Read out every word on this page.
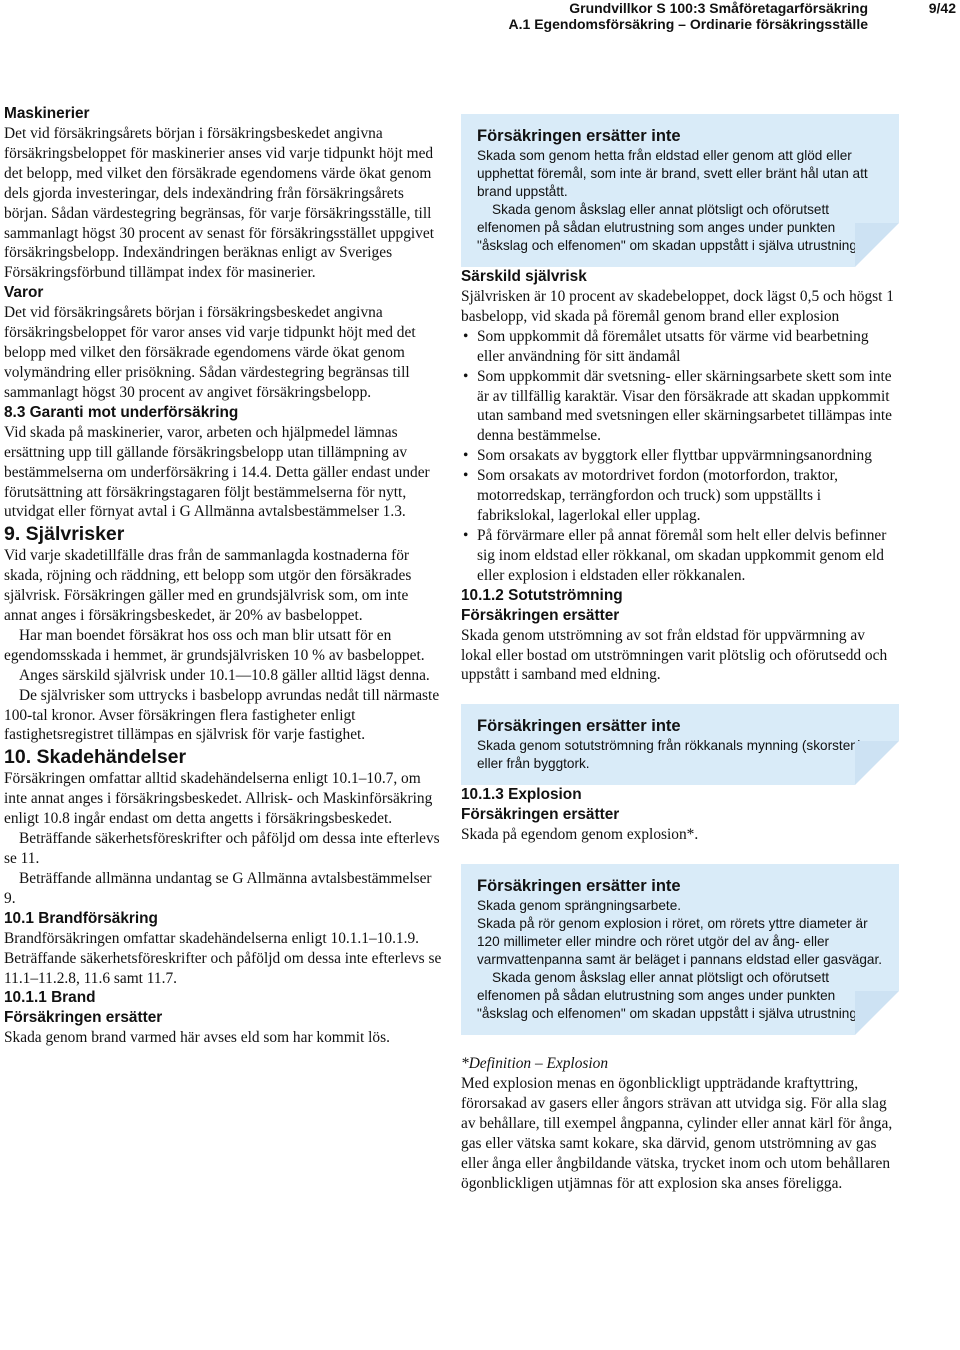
Grundvillkor S 100:3 Småföretagarförsäkring
A.1 Egendomsförsäkring – Ordinarie försäkringsställe
9/42
Maskinerier

Det vid försäkringsårets början i försäkringsbeskedet angivna försäkringsbeloppet för maskinerier anses vid varje tidpunkt höjt med det belopp, med vilket den försäkrade egendomens värde ökat genom dels gjorda investeringar, dels indexändring från försäkringsårets början. Sådan värdestegring begränsas, för varje försäkringsställe, till sammanlagt högst 30 procent av senast för försäkringsstället uppgivet försäkringsbelopp. Indexändringen beräknas enligt av Sveriges Försäkringsförbund tillämpat index för masinerier.

Varor

Det vid försäkringsårets början i försäkringsbeskedet angivna försäkringsbeloppet för varor anses vid varje tidpunkt höjt med det belopp med vilket den försäkrade egendomens värde ökat genom volymändring eller prisökning. Sådan värdestegring begränsas till sammanlagt högst 30 procent av angivet försäkringsbelopp.

8.3 Garanti mot underförsäkring

Vid skada på maskinerier, varor, arbeten och hjälpmedel lämnas ersättning upp till gällande försäkringsbelopp utan tillämpning av bestämmelserna om underförsäkring i 14.4. Detta gäller endast under förutsättning att försäkringstagaren följt bestämmelserna för nytt, utvidgat eller förnyat avtal i G Allmänna avtalsbestämmelser 1.3.

9. Självrisker

Vid varje skadetillfälle dras från de sammanlagda kostnaderna för skada, röjning och räddning, ett belopp som utgör den försäkrades självrisk. Försäkringen gäller med en grundsjälvrisk som, om inte annat anges i försäkringsbeskedet, är 20% av basbeloppet.

Har man boendet försäkrat hos oss och man blir utsatt för en egendomsskada i hemmet, är grundsjälvrisken 10 % av basbeloppet.

Anges särskild självrisk under 10.1—10.8 gäller alltid lägst denna.

De självrisker som uttrycks i basbelopp avrundas nedåt till närmaste 100-tal kronor. Avser försäkringen flera fastigheter enligt fastighetsregistret tillämpas en självrisk för varje fastighet.

10. Skadehändelser

Försäkringen omfattar alltid skadehändelserna enligt 10.1–10.7, om inte annat anges i försäkringsbeskedet. Allrisk- och Maskinförsäkring enligt 10.8 ingår endast om detta angetts i försäkringsbeskedet.

Beträffande säkerhetsföreskrifter och påföljd om dessa inte efterlevs se 11.

Beträffande allmänna undantag se G Allmänna avtalsbestämmelser 9.

10.1 Brandförsäkring

Brandförsäkringen omfattar skadehändelserna enligt 10.1.1–10.1.9. Beträffande säkerhetsföreskrifter och påföljd om dessa inte efterlevs se 11.1–11.2.8, 11.6 samt 11.7.

10.1.1 Brand
Försäkringen ersätter

Skada genom brand varmed här avses eld som har kommit lös.

Försäkringen ersätter inte

Skada som genom hetta från eldstad eller genom att glöd eller upphettat föremål, som inte är brand, svett eller bränt hål utan att brand uppstått.

Skada genom åskslag eller annat plötsligt och oförutsett elfenomen på sådan elutrustning som anges under punkten "åskslag och elfenomen" om skadan uppstått i själva utrustningen.

Särskild självrisk

Självrisken är 10 procent av skadebeloppet, dock lägst 0,5 och högst 1 basbelopp, vid skada på föremål genom brand eller explosion

• Som uppkommit då föremålet utsatts för värme vid bearbetning eller användning för sitt ändamål
• Som uppkommit där svetsning- eller skärningsarbete skett som inte är av tillfällig karaktär. Visar den försäkrade att skadan uppkommit utan samband med svetsningen eller skärningsarbetet tillämpas inte denna bestämmelse.
• Som orsakats av byggtork eller flyttbar uppvärmningsanordning
• Som orsakats av motordrivet fordon (motorfordon, traktor, motorredskap, terrängfordon och truck) som uppställts i fabrikslokal, lagerlokal eller upplag.
• På förvärmare eller på annat föremål som helt eller delvis befinner sig inom eldstad eller rökkanal, om skadan uppkommit genom eld eller explosion i eldstaden eller rökkanalen.
10.1.2 Sotutströmning
Försäkringen ersätter

Skada genom utströmning av sot från eldstad för uppvärmning av lokal eller bostad om utströmningen varit plötslig och oförutsedd och uppstått i samband med eldning.

Försäkringen ersätter inte

Skada genom sotutströmning från rökkanals mynning (skorsten) eller från byggtork.

10.1.3 Explosion
Försäkringen ersätter

Skada på egendom genom explosion*.

Försäkringen ersätter inte

Skada genom sprängningsarbete.

Skada på rör genom explosion i röret, om rörets yttre diameter är 120 millimeter eller mindre och röret utgör del av ång- eller varmvattenpanna samt är beläget i pannans eldstad eller gasvägar.

Skada genom åskslag eller annat plötsligt och oförutsett elfenomen på sådan elutrustning som anges under punkten "åskslag och elfenomen" om skadan uppstått i själva utrustningen.

*Definition – Explosion

Med explosion menas en ögonblickligt uppträdande kraftyttring, förorsakad av gasers eller ångors strävan att utvidga sig. För alla slag av behållare, till exempel ångpanna, cylinder eller annat kärl för ånga, gas eller vätska samt kokare, ska därvid, genom utströmning av gas eller ånga eller ångbildande vätska, trycket inom och utom behållaren ögonblickligen utjämnas för att explosion ska anses föreligga.
